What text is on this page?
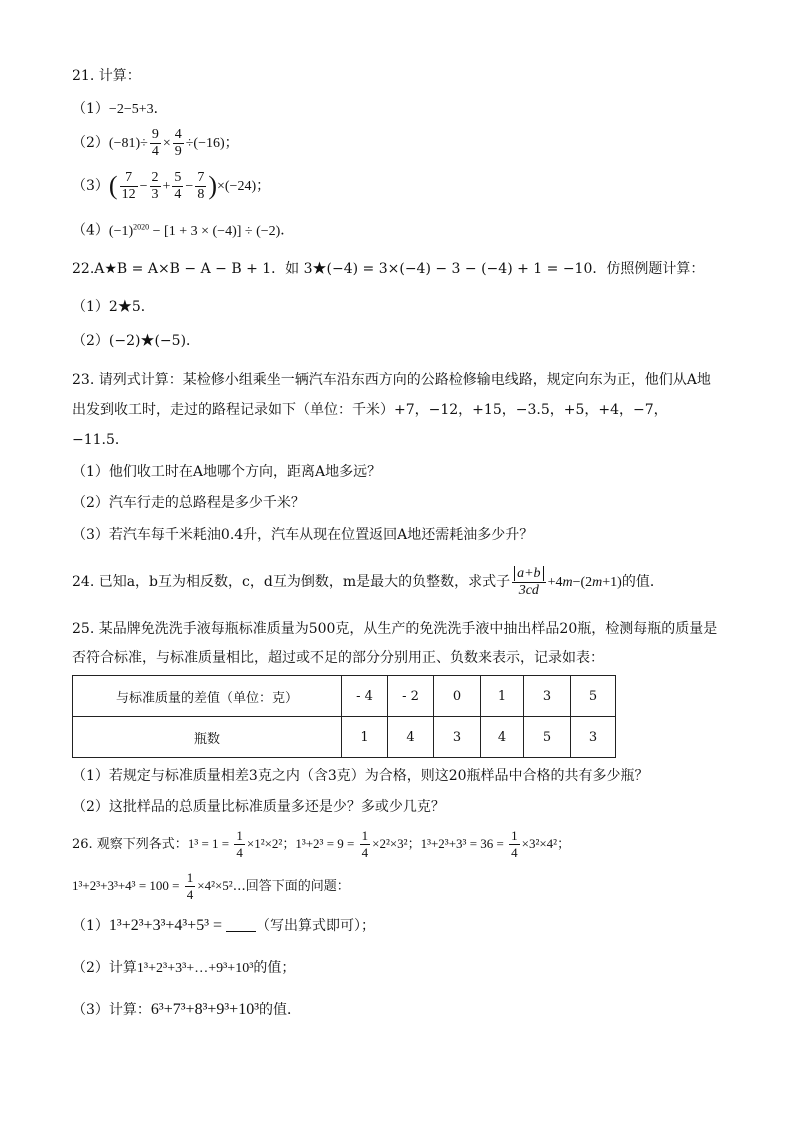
21. 计算：
（1）−2−5+3．
$(2)(-81)\div \frac{9}{4} \times \frac{4}{9} \div(-16)$；
$(3)( \frac{7}{12} - \frac{2}{3} + \frac{5}{4} - \frac{7}{8} )\times(-24)$；
$(4)(-1)^{2020} - [1 + 3 \times (-4)] \div (-2)$．
22.A★B = A×B − A − B + 1．如 3★(−4) = 3×(−4) − 3 − (−4) + 1 = −10．仿照例题计算：
（1）2★5．
（2）(−2)★(−5)．
23. 请列式计算：某检修小组乘坐一辆汽车沿东西方向的公路检修输电线路，规定向东为正，他们从A地
出发到收工时，走过的路程记录如下（单位：千米）+7，−12，+15，−3.5，+5，+4，−7，
−11.5．
（1）他们收工时在A地哪个方向，距离A地多远？
（2）汽车行走的总路程是多少千米？
（3）若汽车每千米耗油0.4升，汽车从现在位置返回A地还需耗油多少升？
24. 已知a，b互为相反数，c，d互为倒数，m是最大的负整数，求式子 $\frac{a+b}{3cd} +4m-(2m+1)$的值．
25. 某品牌免洗洗手液每瓶标准质量为500克，从生产的免洗洗手液中抽出样品20瓶，检测每瓶的质量是
否符合标准，与标准质量相比，超过或不足的部分分别用正、负数来表示，记录如表：
与标准质量的差值（单位：克）	- 4	- 2	0	1	3	5
瓶数	1	4	3	4	5	3
（1）若规定与标准质量相差3克之内（含3克）为合格，则这20瓶样品中合格的共有多少瓶？
（2）这批样品的总质量比标准质量多还是少？多或少几克？
26. 观察下列各式：$1^3 = 1 = \frac{1}{4} \times 1^2\times 2^2$；$1^3+2^3 = 9 = \frac{1}{4} \times 2^2\times 3^2$；$1^3+2^3+3^3 = 36 = \frac{1}{4} \times 3^2\times 4^2$；
$1^3+2^3+3^3+4^3 = 100 = \frac{1}{4}$ ×4²×5²…回答下面的问题：
（1）1³+2³+3³+4³+5³ = （写出算式即可）；
（2）计算1³+2³+3³+…+9³+10³的值；
（3）计算：6³+7³+8³+9³+10³的值．
